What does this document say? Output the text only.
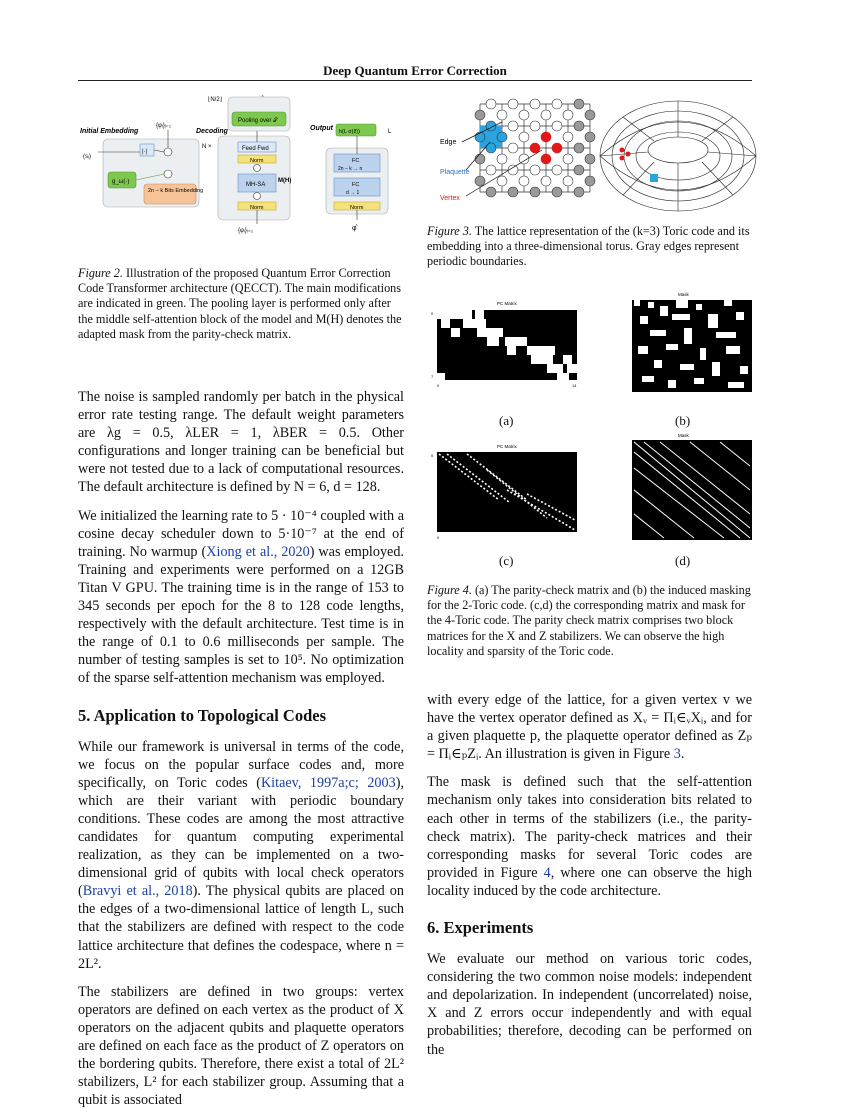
Deep Quantum Error Correction
Initial Embedding
{φᵢ}ᵢ₌₁
(sᵢ)
|·|
g_ω(·)
2n − k Bits Embedding
⌊N/2⌋
Decoding
N ×
Pooling over 𝒯
Feed Fwd
Norm
MH-SA
M(H)
Norm
{φᵢ}ᵢ₌₁
Output h(L σ(z̃))	L
FC
2n − k → n
FC
d → 1
Norm
φ̂
Figure 2. Illustration of the proposed Quantum Error Correction Code Transformer architecture (QECCT). The main modifications are indicated in green. The pooling layer is performed only after the middle self-attention block of the model and M(H) denotes the adapted mask from the parity-check matrix.
Edge
Plaquette
Vertex
Figure 3. The lattice representation of the (k=3) Toric code and its embedding into a three-dimensional torus. Gray edges represent periodic boundaries.
PC Matrix
0
7
0	14
(a)
Mask
(b)
PC Matrix
0
0
(c)
Mask
(d)
Figure 4. (a) The parity-check matrix and (b) the induced masking for the 2-Toric code. (c,d) the corresponding matrix and mask for the 4-Toric code. The parity check matrix comprises two block matrices for the X and Z stabilizers. We can observe the high locality and sparsity of the Toric code.

The noise is sampled randomly per batch in the physical error rate testing range. The default weight parameters are λg = 0.5, λLER = 1, λBER = 0.5. Other configurations and longer training can be beneficial but were not tested due to a lack of computational resources. The default architecture is defined by N = 6, d = 128.

We initialized the learning rate to 5 · 10⁻⁴ coupled with a cosine decay scheduler down to 5·10⁻⁷ at the end of training. No warmup (Xiong et al., 2020) was employed. Training and experiments were performed on a 12GB Titan V GPU. The training time is in the range of 153 to 345 seconds per epoch for the 8 to 128 code lengths, respectively with the default architecture. Test time is in the range of 0.1 to 0.6 milliseconds per sample. The number of testing samples is set to 10⁵. No optimization of the sparse self-attention mechanism was employed.

5. Application to Topological Codes

While our framework is universal in terms of the code, we focus on the popular surface codes and, more specifically, on Toric codes (Kitaev, 1997a;c; 2003), which are their variant with periodic boundary conditions. These codes are among the most attractive candidates for quantum computing experimental realization, as they can be implemented on a two-dimensional grid of qubits with local check operators (Bravyi et al., 2018). The physical qubits are placed on the edges of a two-dimensional lattice of length L, such that the stabilizers are defined with respect to the code lattice architecture that defines the codespace, where n = 2L².

The stabilizers are defined in two groups: vertex operators are defined on each vertex as the product of X operators on the adjacent qubits and plaquette operators are defined on each face as the product of Z operators on the bordering qubits. Therefore, there exist a total of 2L² stabilizers, L² for each stabilizer group. Assuming that a qubit is associated

with every edge of the lattice, for a given vertex v we have the vertex operator defined as Xᵥ = Πᵢ∈ᵥXᵢ, and for a given plaquette p, the plaquette operator defined as Zₚ = Πᵢ∈ₚZᵢ. An illustration is given in Figure 3.

The mask is defined such that the self-attention mechanism only takes into consideration bits related to each other in terms of the stabilizers (i.e., the parity-check matrix). The parity-check matrices and their corresponding masks for several Toric codes are provided in Figure 4, where one can observe the high locality induced by the code architecture.

6. Experiments

We evaluate our method on various toric codes, considering the two common noise models: independent and depolarization. In independent (uncorrelated) noise, X and Z errors occur independently and with equal probabilities; therefore, decoding can be performed on the
